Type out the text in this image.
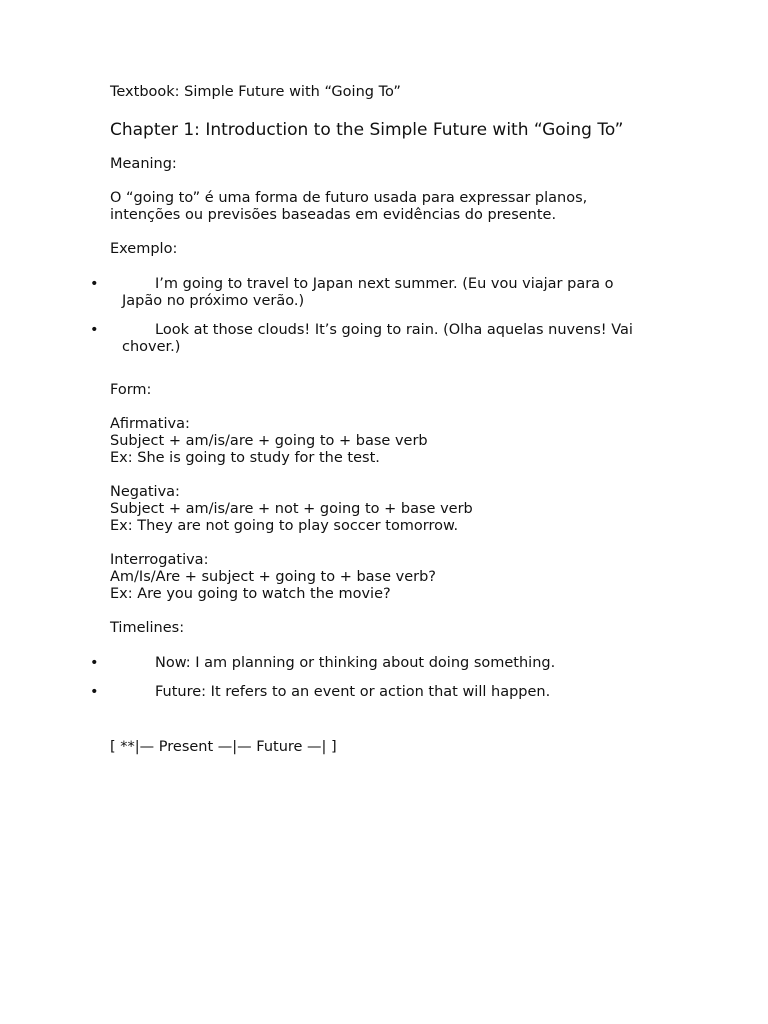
Textbook: Simple Future with “Going To”

Chapter 1: Introduction to the Simple Future with “Going To”

Meaning:

O “going to” é uma forma de futuro usada para expressar planos, intenções ou previsões baseadas em evidências do presente.

Exemplo:

•	I’m going to travel to Japan next summer. (Eu vou viajar para o Japão no próximo verão.)
•	Look at those clouds! It’s going to rain. (Olha aquelas nuvens! Vai chover.)

Form:

Afirmativa:
Subject + am/is/are + going to + base verb
Ex: She is going to study for the test.
Negativa:
Subject + am/is/are + not + going to + base verb
Ex: They are not going to play soccer tomorrow.
Interrogativa:
Am/Is/Are + subject + going to + base verb?
Ex: Are you going to watch the movie?

Timelines:

•	Now: I am planning or thinking about doing something.
•	Future: It refers to an event or action that will happen.

[ **|— Present —|— Future —| ]
